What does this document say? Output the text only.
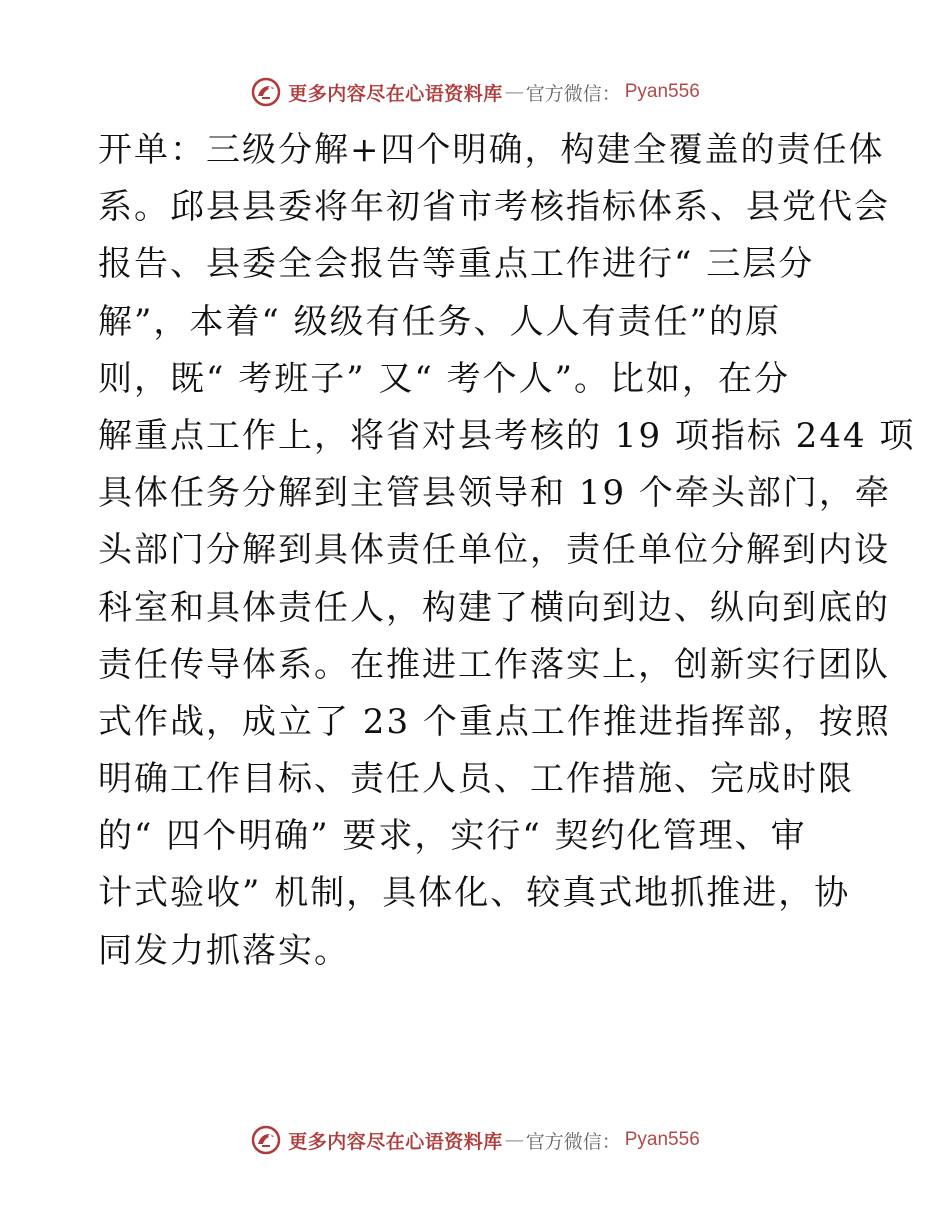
更多内容尽在心语资料库 — 官方微信： Pyan556
开单：三级分解+四个明确，构建全覆盖的责任体
系。邱县县委将年初省市考核指标体系、县党代会
报告、县委全会报告等重点工作进行“ 三层分
解”，本着“ 级级有任务、人人有责任”的原
则，既“ 考班子” 又“ 考个人”。比如，在分
解重点工作上，将省对县考核的 19 项指标 244 项
具体任务分解到主管县领导和 19 个牵头部门，牵
头部门分解到具体责任单位，责任单位分解到内设
科室和具体责任人，构建了横向到边、纵向到底的
责任传导体系。在推进工作落实上，创新实行团队
式作战，成立了 23 个重点工作推进指挥部，按照
明确工作目标、责任人员、工作措施、完成时限
的“ 四个明确” 要求，实行“ 契约化管理、审
计式验收” 机制，具体化、较真式地抓推进，协
同发力抓落实。
更多内容尽在心语资料库 — 官方微信： Pyan556
